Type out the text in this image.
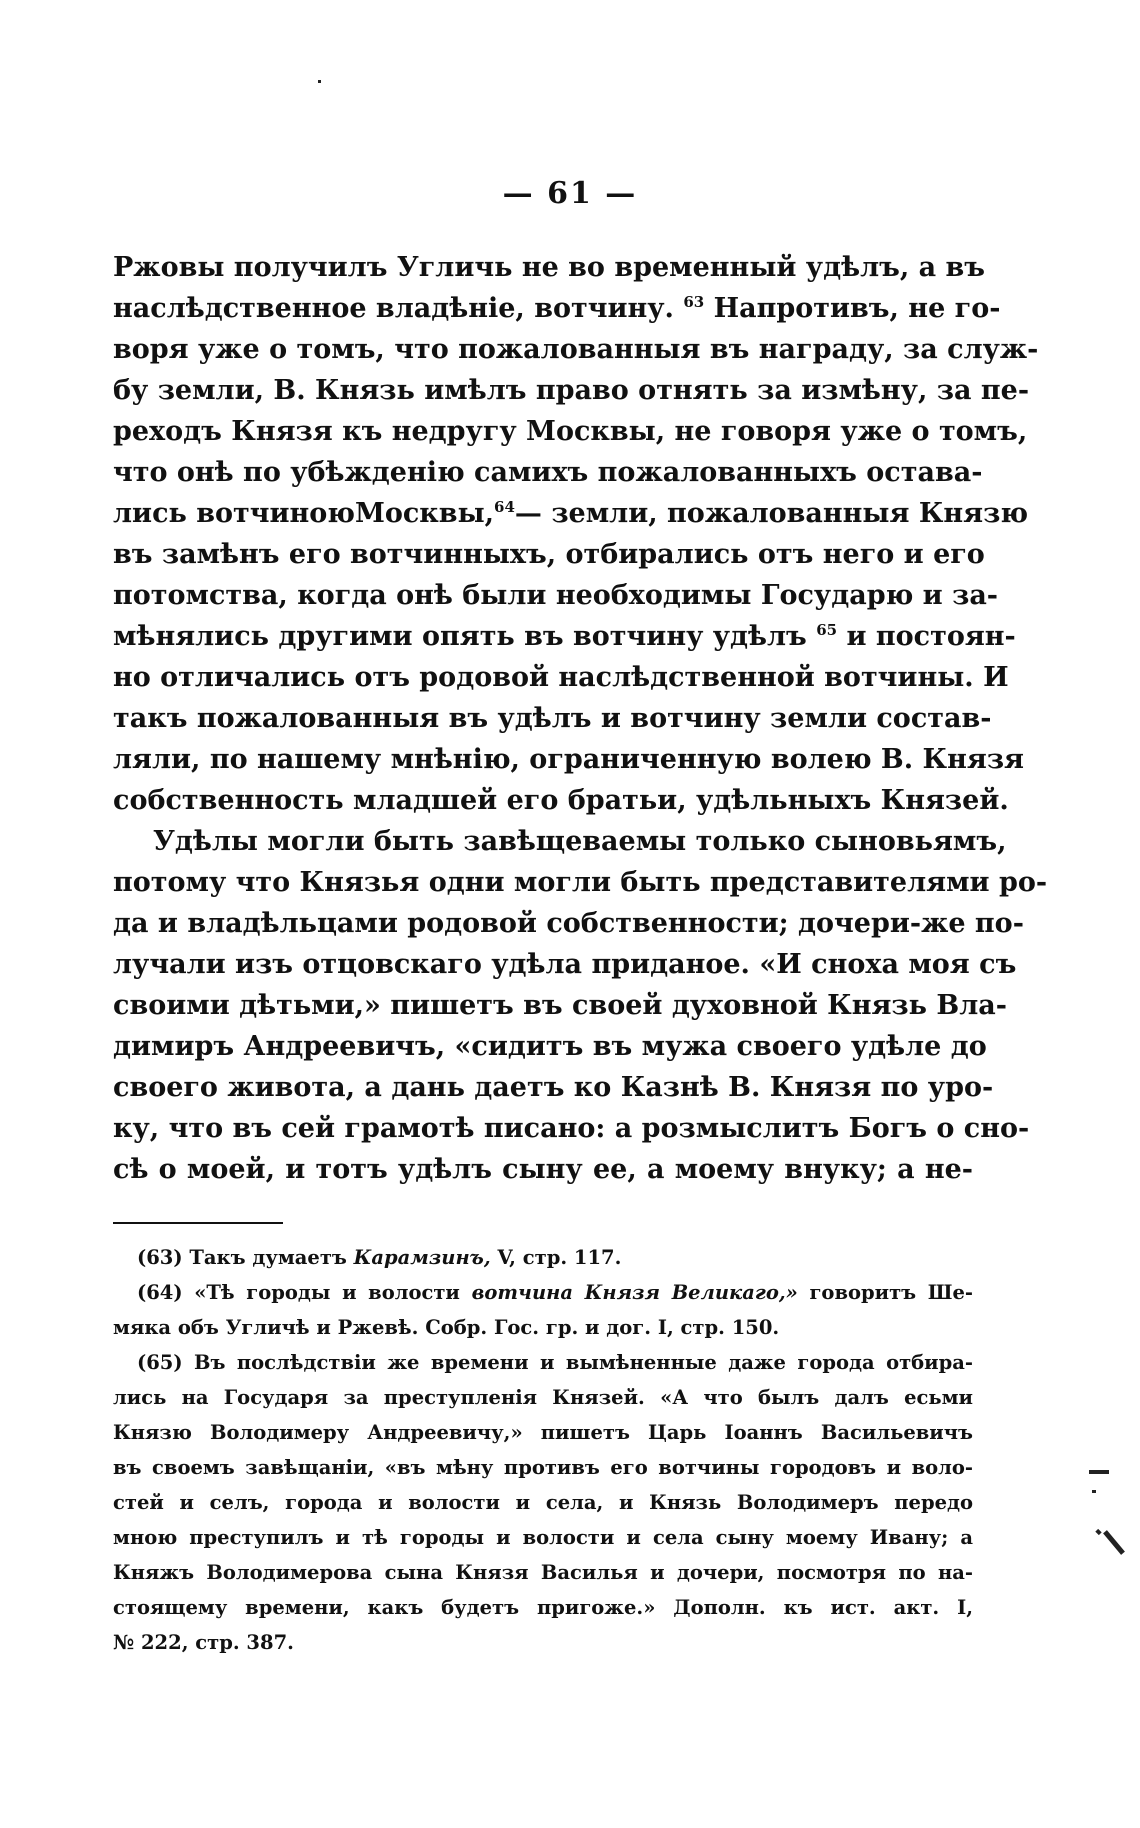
— 61 —
Ржовы получилъ Угличь не во временный удѣлъ, а въ
наслѣдственное владѣніе, вотчину. $^{63}$ Напротивъ, не го-
воря уже о томъ, что пожалованныя въ награду, за служ-
бу земли, В. Князь имѣлъ право отнять за измѣну, за пе-
реходъ Князя къ недругу Москвы, не говоря уже о томъ,
что онѣ по убѣжденію самихъ пожалованныхъ остава-
лись вотчиноюМосквы,$^{64}$— земли, пожалованныя Князю
въ замѣнъ его вотчинныхъ, отбирались отъ него и его
потомства, когда онѣ были необходимы Государю и за-
мѣнялись другими опять въ вотчину удѣлъ $^{65}$ и постоян-
но отличались отъ родовой наслѣдственной вотчины. И
такъ пожалованныя въ удѣлъ и вотчину земли состав-
ляли, по нашему мнѣнію, ограниченную волею В. Князя
собственность младшей его братьи, удѣльныхъ Князей.
Удѣлы могли быть завѣщеваемы только сыновьямъ,
потому что Князья одни могли быть представителями ро-
да и владѣльцами родовой собственности; дочери-же по-
лучали изъ отцовскаго удѣла приданое. «И сноха моя съ
своими дѣтьми,» пишетъ въ своей духовной Князь Вла-
димиръ Андреевичъ, «сидитъ въ мужа своего удѣле до
своего живота, а дань даетъ ко Казнѣ В. Князя по уро-
ку, что въ сей грамотѣ писано: а розмыслитъ Богъ о сно-
сѣ о моей, и тотъ удѣлъ сыну ее, а моему внуку; а не-
(63) Такъ думаетъ Карамзинъ, V, стр. 117.
(64) «Тѣ городы и волости вотчина Князя Великаго,» говоритъ Ше-
мяка объ Угличѣ и Ржевѣ. Собр. Гос. гр. и дог. I, стр. 150.
(65) Въ послѣдствіи же времени и вымѣненные даже города отбира-
лись на Государя за преступленія Князей. «А что былъ далъ есьми
Князю Володимеру Андреевичу,» пишетъ Царь Іоаннъ Васильевичъ
въ своемъ завѣщаніи, «въ мѣну противъ его вотчины городовъ и воло-
стей и селъ, города и волости и села, и Князь Володимеръ передо
мною преступилъ и тѣ городы и волости и села сыну моему Ивану; а
Княжъ Володимерова сына Князя Василья и дочери, посмотря по на-
стоящему времени, какъ будетъ пригоже.» Дополн. къ ист. акт. I,
№ 222, стр. 387.
